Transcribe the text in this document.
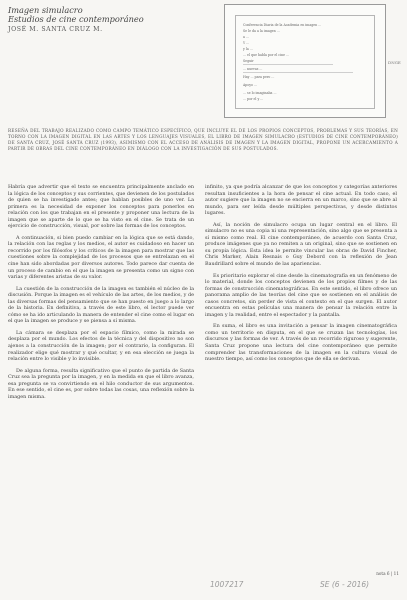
Imagen simulacro
Estudios de cine contemporáneo
JOSÉ M. SANTA CRUZ M.
Conferencia Diaria de la Academia en imagen ...
Se le da a la imagen ...
a ...
Y ...
y la ...
... el que habla por el cine ...
Seguir
... nuevas ...
Hay ... para pero ...
Apoyo ...
... se lo imaginaba ...
... por el y ...
DNGE
RESEÑA DEL TRABAJO REALIZADO COMO CAMPO TEMÁTICO ESPECÍFICO, QUE INCLUYE EL DE LOS PROPIOS CONCEPTOS, PROBLEMAS Y SUS TEORÍAS, EN TORNO CON LA IMAGEN DIGITAL EN LAS ARTES Y LOS LENGUAJES VISUALES, EL LIBRO DE IMAGEN SIMULACRO (ESTUDIOS DE CINE CONTEMPORÁNEO) DE SANTA CRUZ, JOSÉ SANTA CRUZ (1993), ASIMISMO CON EL ACCESO DE ANÁLISIS DE IMAGEN Y LA IMAGEN DIGITAL, PROPONE UN ACERCAMIENTO A PARTIR DE OBRAS DEL CINE CONTEMPORÁNEO EN DIÁLOGO CON LA INVESTIGACIÓN DE SUS POSTULADOS.

Habría que advertir que el texto se encuentra principalmente anclado en la lógica de los conceptos y sus corrientes, que devienen de los postulados de quien se ha investigado antes; que hablan posibles de uno ver. La primera es la necesidad de exponer los conceptos para ponerlos en relación con los que trabajan en el presente y proponer una lectura de la imagen que se aparte de lo que se ha visto en el cine. Se trata de un ejercicio de construcción, visual, por sobre las formas de los conceptos.

A continuación, si bien puedo cambiar en la lógica que se está dando, la relación con las reglas y los medios, el autor es cuidadoso en hacer un recorrido por los filósofos y los críticos de la imagen para mostrar que las cuestiones sobre la complejidad de los procesos que se entrelazan en el cine han sido abordadas por diversos autores. Todo parece dar cuenta de un proceso de cambio en el que la imagen se presenta como un signo con varias y diferentes aristas de su valor.

La cuestión de la construcción de la imagen es también el núcleo de la discusión. Porque la imagen es el vehículo de las artes, de los medios, y de las diversas formas del pensamiento que se han puesto en juego a lo largo de la historia. En definitiva, a través de este libro, el lector puede ver cómo se ha ido articulando la manera de entender el cine como el lugar en el que la imagen se produce y se piensa a sí misma.

La cámara se desplaza por el espacio fílmico, como la mirada se desplaza por el mundo. Los efectos de la técnica y del dispositivo no son ajenos a la construcción de la imagen; por el contrario, la configuran. El realizador elige qué mostrar y qué ocultar, y en esa elección se juega la relación entre lo visible y lo invisible.

De alguna forma, resulta significativo que el punto de partida de Santa Cruz sea la pregunta por la imagen, y en la medida en que el libro avanza, esa pregunta se va convirtiendo en el hilo conductor de sus argumentos. En ese sentido, el cine es, por sobre todas las cosas, una reflexión sobre la imagen misma.

infinito, ya que podría alcanzar de que los conceptos y categorías anteriores resultan insuficientes a la hora de pensar el cine actual. En todo caso, el autor sugiere que la imagen no se encierra en un marco, sino que se abre al mundo, para ser leída desde múltiples perspectivas, y desde distintos lugares.

Así, la noción de simulacro ocupa un lugar central en el libro. El simulacro no es una copia ni una representación, sino algo que se presenta a sí mismo como real. El cine contemporáneo, de acuerdo con Santa Cruz, produce imágenes que ya no remiten a un original, sino que se sostienen en su propia lógica. Esta idea le permite vincular las obras de David Fincher, Chris Marker, Alain Resnais o Guy Debord con la reflexión de Jean Baudrillard sobre el mundo de las apariencias.

Es prioritario explorar el cine desde la cinematografía en un fenómeno de lo material, donde los conceptos devienen de los propios filmes y de las formas de construcción cinematográficas. En este sentido, el libro ofrece un panorama amplio de las teorías del cine que se sostienen en el análisis de casos concretos, sin perder de vista el contexto en el que surgen. El autor encuentra en estas películas una manera de pensar la relación entre la imagen y la realidad, entre el espectador y la pantalla.

En suma, el libro es una invitación a pensar la imagen cinematográfica como un territorio en disputa, en el que se cruzan las tecnologías, los discursos y las formas de ver. A través de un recorrido riguroso y sugerente, Santa Cruz propone una lectura del cine contemporáneo que permite comprender las transformaciones de la imagen en la cultura visual de nuestro tiempo, así como los conceptos que de ella se derivan.

nota 6 | 11
1007217	SE (6 - 2016)
